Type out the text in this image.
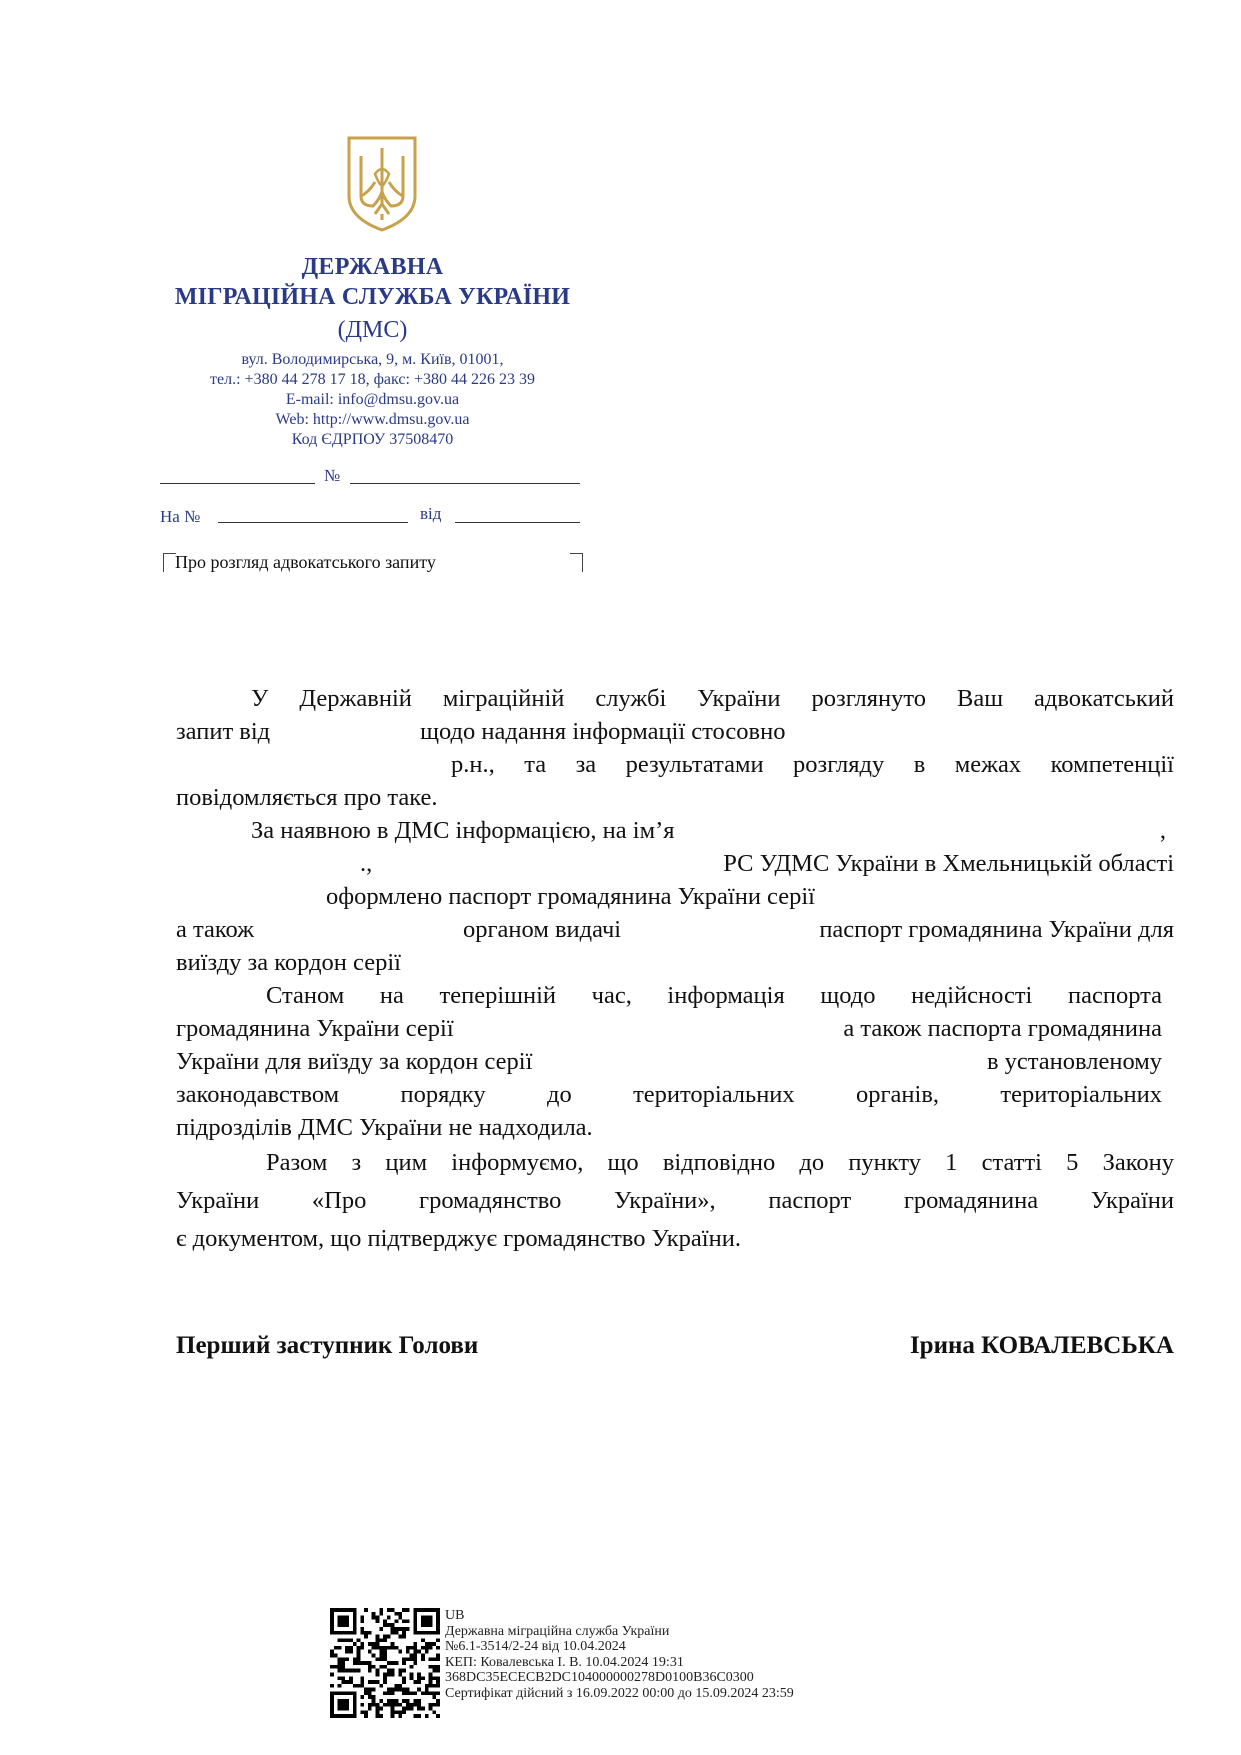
ДЕРЖАВНА
МІГРАЦІЙНА СЛУЖБА УКРАЇНИ
(ДМС)
вул. Володимирська, 9, м. Київ, 01001,
тел.: +380 44 278 17 18, факс: +380 44 226 23 39
E-mail: info@dmsu.gov.ua
Web: http://www.dmsu.gov.ua
Код ЄДРПОУ 37508470
№
На №	від
Про розгляд адвокатського запиту

У Державній міграційній службі України розглянуто Ваш адвокатський

запит від	щодо надання інформації стосовно

р.н., та за результатами розгляду в межах компетенції

повідомляється про таке.

За наявною в ДМС інформацією, на ім’я	,

.,	РС УДМС України в Хмельницькій області

оформлено паспорт громадянина України серії

а також	органом видачі	паспорт громадянина України для

виїзду за кордон серії

Станом на теперішній час, інформація щодо недійсності паспорта

громадянина України серії	а також паспорта громадянина

України для виїзду за кордон серії	в установленому

законодавством порядку до територіальних органів, територіальних

підрозділів ДМС України не надходила.

Разом з цим інформуємо, що відповідно до пункту 1 статті 5 Закону

України «Про громадянство України», паспорт громадянина України

є документом, що підтверджує громадянство України.

Перший заступник Голови	Ірина КОВАЛЕВСЬКА
UB
Державна міграційна служба України
№6.1-3514/2-24 від 10.04.2024
КЕП: Ковалевська І. В. 10.04.2024 19:31
368DC35ECECB2DC104000000278D0100B36C0300
Сертифікат дійсний з 16.09.2022 00:00 до 15.09.2024 23:59
